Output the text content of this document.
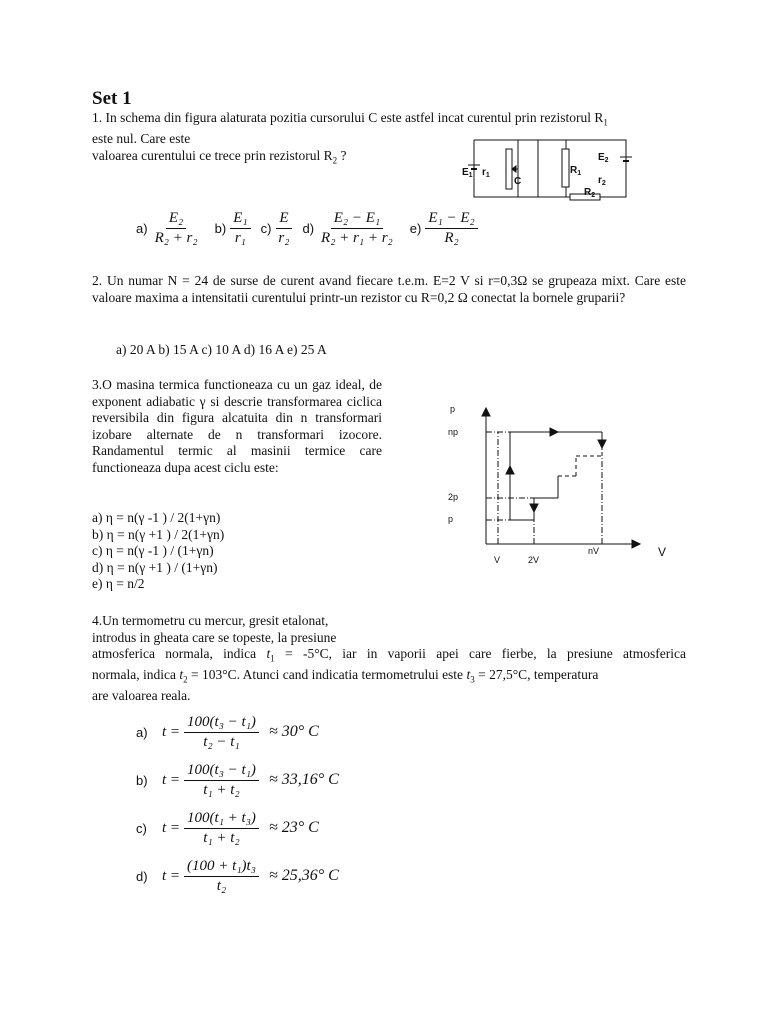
Set 1
1. In schema din figura alaturata pozitia cursorului C este astfel incat curentul prin rezistorul $R_1$
este nul. Care este
valoarea curentului ce trece prin rezistorul $R_2$ ?
$E_1$ $r_1$
C
$R_1$
$E_2$
$r_2$
$R_2$
$a) \frac{\text{E₂}}{\text{R₂ + r₂}} b) \frac{\text{E₁}}{\text{r₁}} c) \frac{E}{\text{r₂}} d) \frac{\text{E₂ − E₁}}{\text{R₂ + r₁ + r₂}} e) \frac{\text{E₁ − E₂}}{\text{R₂}}$
2. Un numar N = 24 de surse de curent avand fiecare t.e.m. E=2 V si r=0,3Ω se grupeaza mixt. Care este valoare maxima a intensitatii curentului printr-un rezistor cu R=0,2 Ω conectat la bornele gruparii?
a) 20 A b) 15 A c) 10 A d) 16 A e) 25 A
3.O masina termica functioneaza cu un gaz ideal, de exponent adiabatic γ si descrie transformarea ciclica reversibila din figura alcatuita din n transformari izobare alternate de n transformari izocore. Randamentul termic al masinii termice care functioneaza dupa acest ciclu este:
a) η = n(γ -1 ) / 2(1+γn)
b) η = n(γ +1 ) / 2(1+γn)
c) η = n(γ -1 ) / (1+γn)
d) η = n(γ +1 ) / (1+γn)
e) η = n/2
p
np
2p
p
V	2V
nV	V
4.Un termometru cu mercur, gresit etalonat,
introdus in gheata care se topeste, la presiune
atmosferica normala, indica $t_1 = -5^\circ C$, iar in vaporii apei care fierbe, la presiune atmosferica
normala, indica $t_2 = 103^\circ C$. Atunci cand indicatia termometrului este $t_3 = 27,5^\circ C$, temperatura
are valoarea reala.
a) $t = \frac{\text{100(t₃ − t₁)}}{\text{t₂ − t₁}} \approx 30^\circ$ C
b) $t = \frac{\text{100(t₃ − t₁)}}{\text{t₁ + t₂}} \approx 33,16^\circ$ C
c)	$t = \frac{\text{100(t₁ + t₃)}}{\text{t₁ + t₂}} \approx 23^\circ$ C
d) $t = \frac{\text{(100 + t₁)t₃}}{\text{t₂}} \approx 25,36^\circ$ C
